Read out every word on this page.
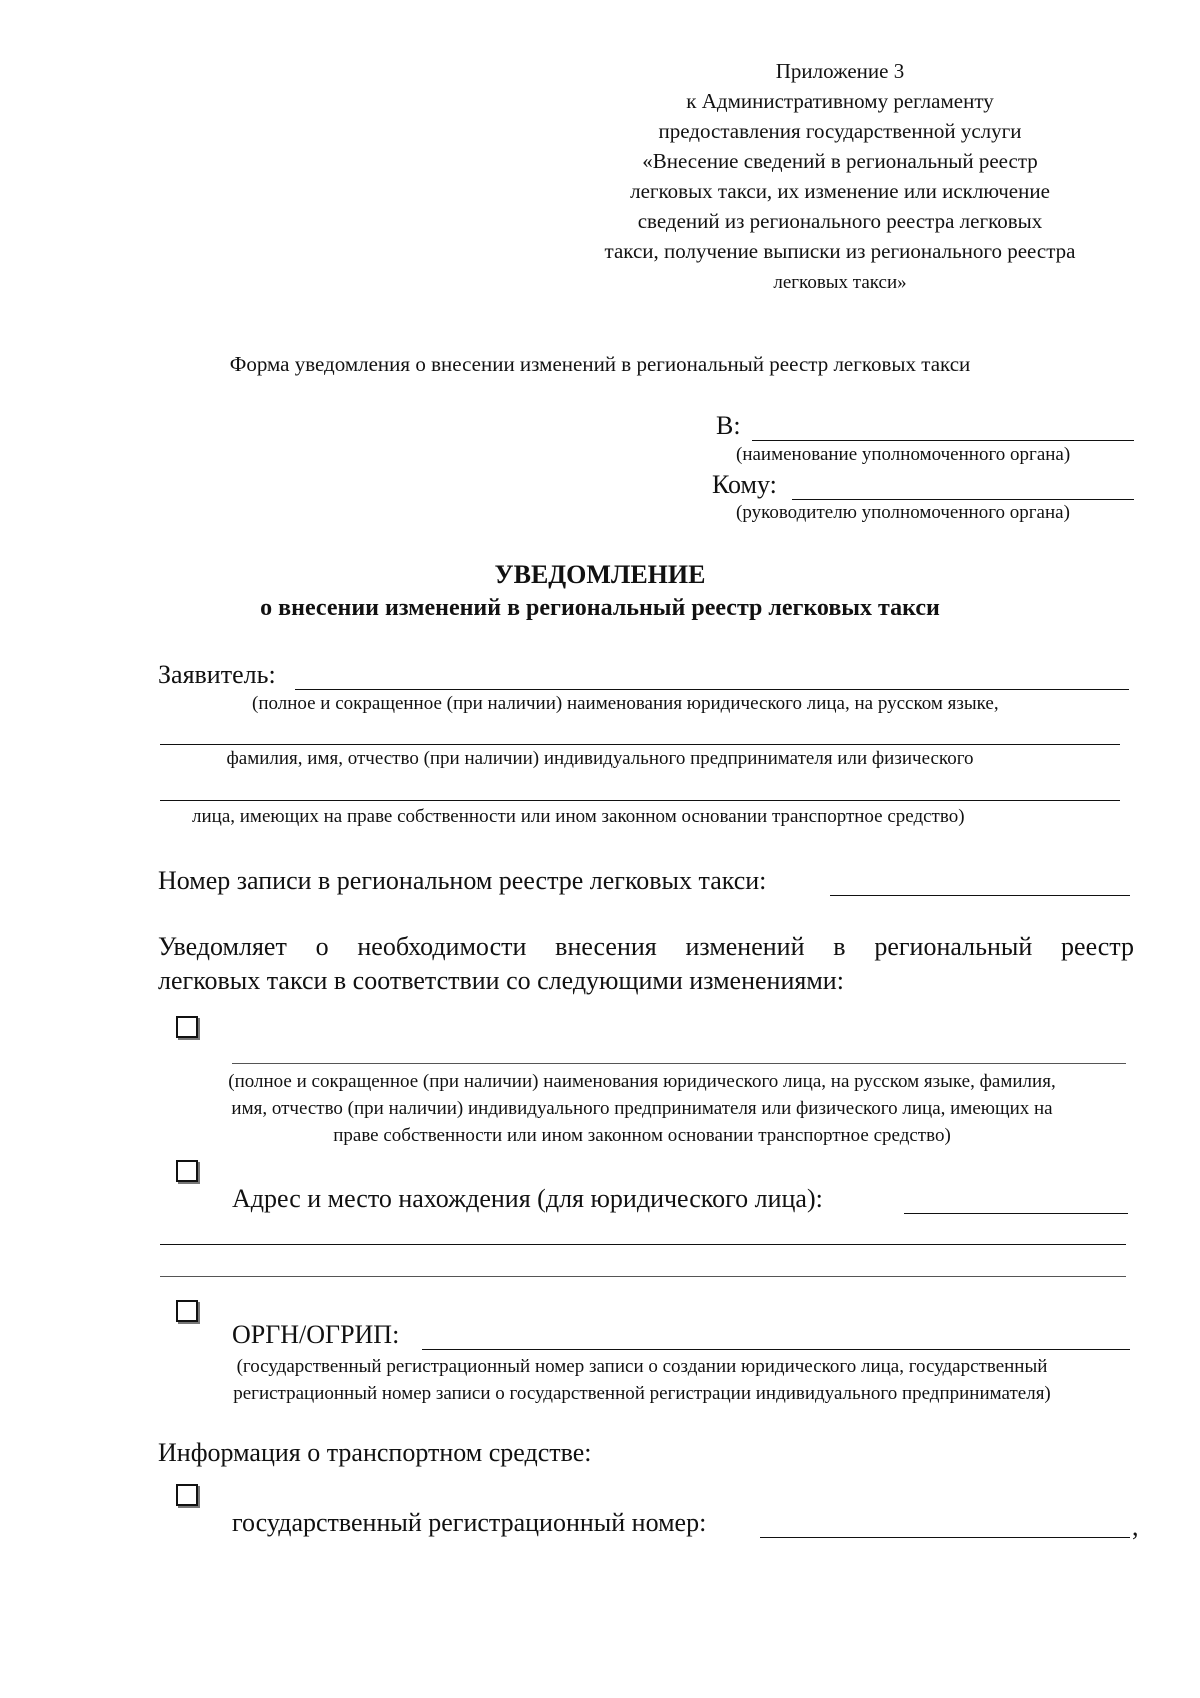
Приложение 3
к Административному регламенту
предоставления государственной услуги
«Внесение сведений в региональный реестр
легковых такси, их изменение или исключение
сведений из регионального реестра легковых
такси, получение выписки из регионального реестра
легковых такси»
Форма уведомления о внесении изменений в региональный реестр легковых такси
В:
(наименование уполномоченного органа)
Кому:
(руководителю уполномоченного органа)
УВЕДОМЛЕНИЕ
о внесении изменений в региональный реестр легковых такси
Заявитель:
(полное и сокращенное (при наличии) наименования юридического лица, на русском языке,
фамилия, имя, отчество (при наличии) индивидуального предпринимателя или физического
лица, имеющих на праве собственности или ином законном основании транспортное средство)
Номер записи в региональном реестре легковых такси:
Уведомляет о необходимости внесения изменений в региональный реестр
легковых такси в соответствии со следующими изменениями:
(полное и сокращенное (при наличии) наименования юридического лица, на русском языке, фамилия,
имя, отчество (при наличии) индивидуального предпринимателя или физического лица, имеющих на
праве собственности или ином законном основании транспортное средство)
Адрес и место нахождения (для юридического лица):
ОРГН/ОГРИП:
(государственный регистрационный номер записи о создании юридического лица, государственный
регистрационный номер записи о государственной регистрации индивидуального предпринимателя)
Информация о транспортном средстве:
государственный регистрационный номер:	,
